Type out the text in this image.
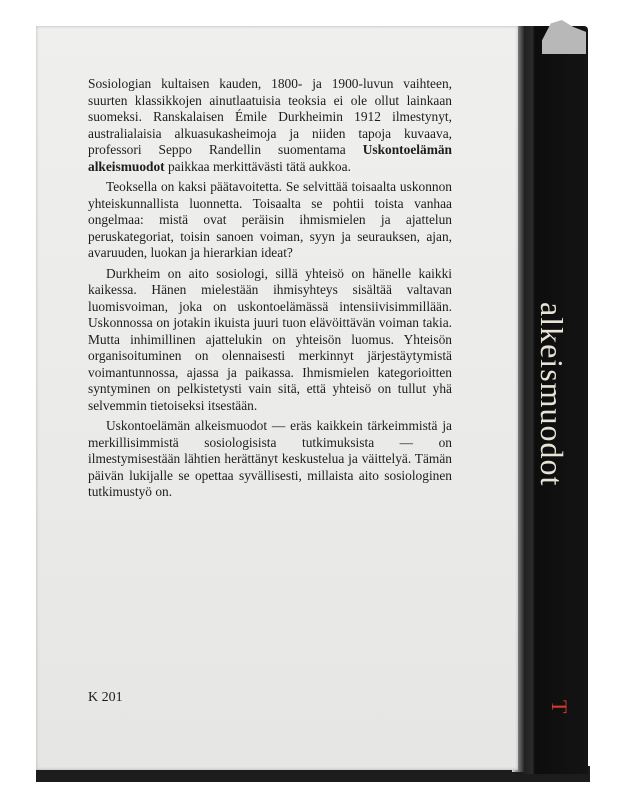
alkeismuodot
T

Sosiologian kultaisen kauden, 1800- ja 1900-luvun vaihteen, suurten klassikkojen ainutlaatuisia teoksia ei ole ollut lainkaan suomeksi. Ranskalaisen Émile Durkheimin 1912 ilmestynyt, australialaisia alkuasukasheimoja ja niiden tapoja kuvaava, professori Seppo Randellin suomentama Uskontoelämän alkeismuodot paikkaa merkittävästi tätä aukkoa.

Teoksella on kaksi päätavoitetta. Se selvittää toisaalta uskonnon yhteiskunnallista luonnetta. Toisaalta se pohtii toista vanhaa ongelmaa: mistä ovat peräisin ihmismielen ja ajattelun peruskategoriat, toisin sanoen voiman, syyn ja seurauksen, ajan, avaruuden, luokan ja hierarkian ideat?

Durkheim on aito sosiologi, sillä yhteisö on hänelle kaikki kaikessa. Hänen mielestään ihmisyhteys sisältää valtavan luomisvoiman, joka on uskontoelämässä intensiivisimmillään. Uskonnossa on jotakin ikuista juuri tuon elävöittävän voiman takia. Mutta inhimillinen ajattelukin on yhteisön luomus. Yhteisön organisoituminen on olennaisesti merkinnyt järjestäytymistä voimantunnossa, ajassa ja paikassa. Ihmismielen kategorioitten syntyminen on pelkistetysti vain sitä, että yhteisö on tullut yhä selvemmin tietoiseksi itsestään.

Uskontoelämän alkeismuodot — eräs kaikkein tärkeimmistä ja merkillisimmistä sosiologisista tutkimuksista — on ilmestymisestään lähtien herättänyt keskustelua ja väittelyä. Tämän päivän lukijalle se opettaa syvällisesti, millaista aito sosiologinen tutkimustyö on.

K 201
